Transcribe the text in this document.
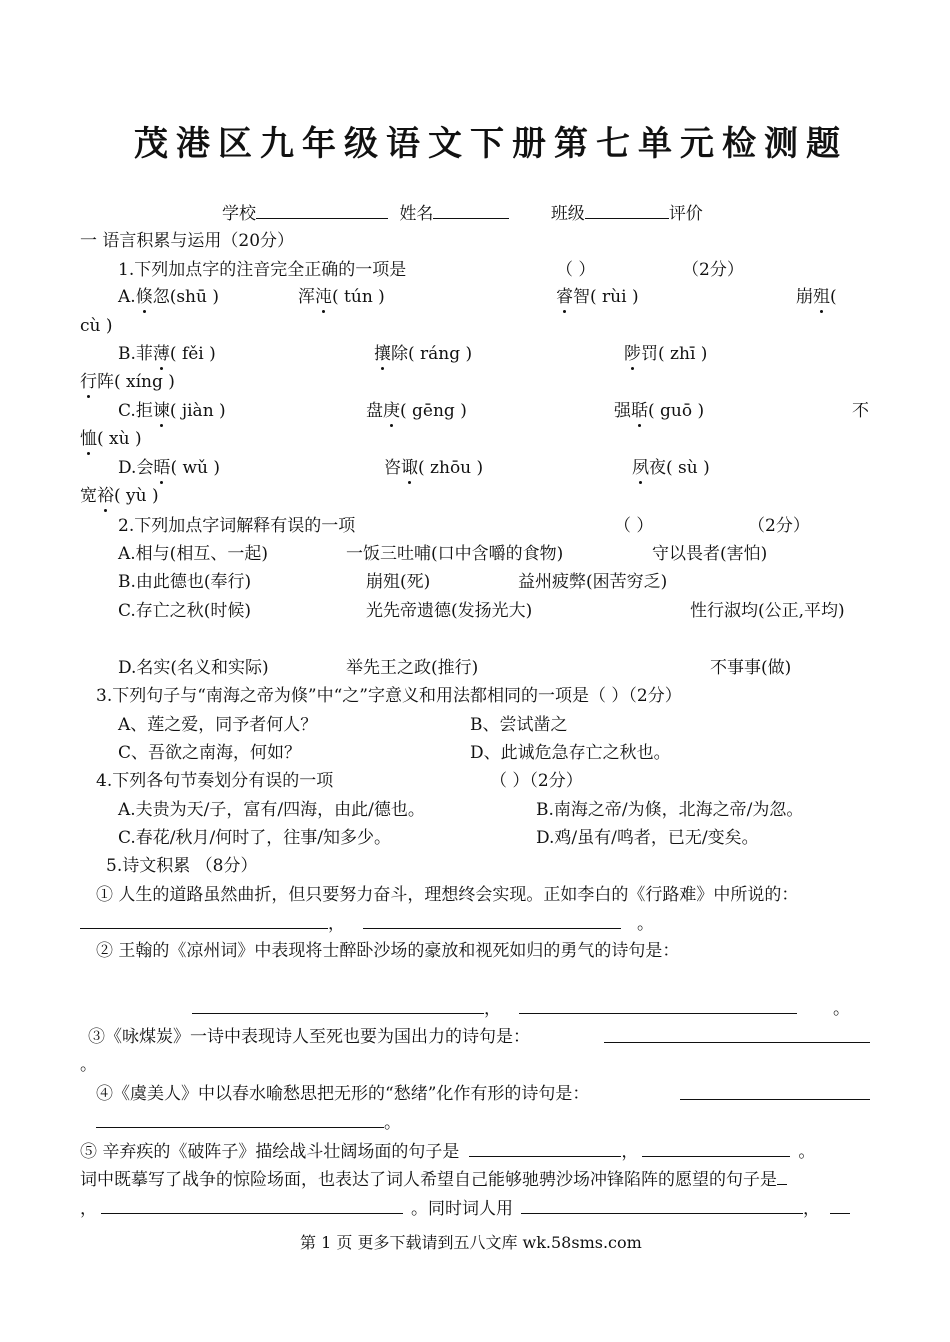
茂港区九年级语文下册第七单元检测题
学校	姓名	班级	评价
一 语言积累与运用（20分）
1.下列加点字的注音完全正确的一项是	（ ）	（2分）
A.倏忽(shū )	浑沌( tún )	睿智( rùi )	崩殂(
cù )
B.菲薄( fěi )	攘除( ráng )	陟罚( zhī )
行阵( xíng )
C.拒谏( jiàn )	盘庚( gēng )	强聒( guō )	不
恤( xù )
D.会晤( wǔ )	咨诹( zhōu )	夙夜( sù )
宽裕( yù )
2.下列加点字词解释有误的一项	（ ）	（2分）
A.相与(相互、一起)	一饭三吐哺(口中含嚼的食物)	守以畏者(害怕)
B.由此德也(奉行)	崩殂(死)	益州疲弊(困苦穷乏)
C.存亡之秋(时候)	光先帝遗德(发扬光大)	性行淑均(公正,平均)
D.名实(名义和实际)	举先王之政(推行)	不事事(做)
3.下列句子与“南海之帝为倏”中“之”字意义和用法都相同的一项是（ ）（2分）
A、莲之爱，同予者何人？	B、尝试凿之
C、吾欲之南海，何如？	D、此诚危急存亡之秋也。
4.下列各句节奏划分有误的一项	（ ）（2分）
A.夫贵为天/子，富有/四海，由此/德也。	B.南海之帝/为倏，北海之帝/为忽。
C.春花/秋月/何时了，往事/知多少。	D.鸡/虽有/鸣者，已无/变矣。
5.诗文积累 （8分）
① 人生的道路虽然曲折，但只要努力奋斗，理想终会实现。正如李白的《行路难》中所说的：
，	。
② 王翰的《凉州词》中表现将士醉卧沙场的豪放和视死如归的勇气的诗句是：
，	。
③《咏煤炭》一诗中表现诗人至死也要为国出力的诗句是：
。
④《虞美人》中以春水喻愁思把无形的“愁绪”化作有形的诗句是：
。
⑤ 辛弃疾的《破阵子》描绘战斗壮阔场面的句子是	，	。
词中既摹写了战争的惊险场面，也表达了词人希望自己能够驰骋沙场冲锋陷阵的愿望的句子是
，	。同时词人用	，
第 1 页 更多下载请到五八文库 wk.58sms.com
